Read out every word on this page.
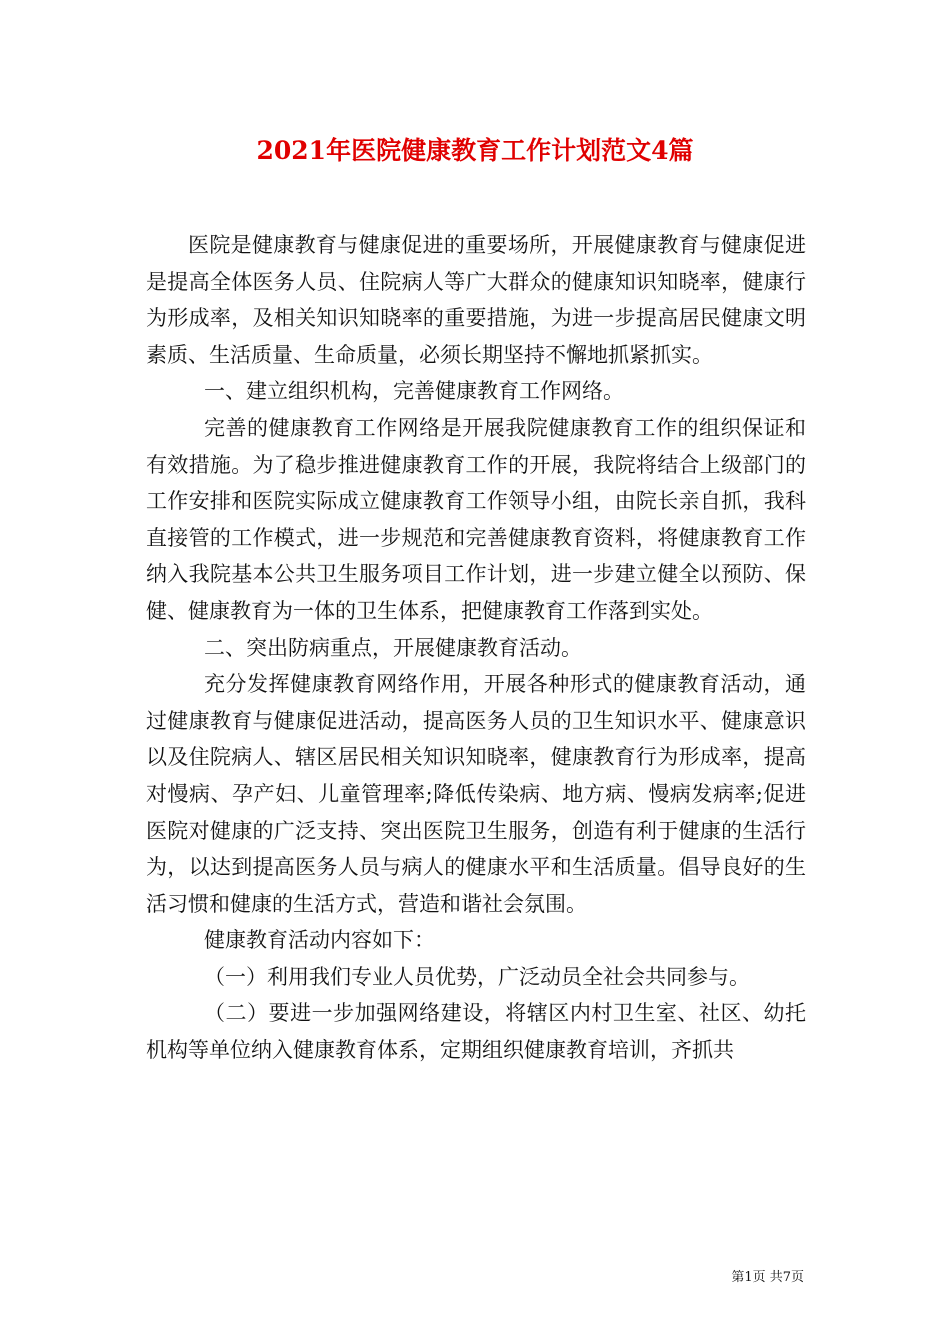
2021年医院健康教育工作计划范文4篇

医院是健康教育与健康促进的重要场所，开展健康教育与健康促进是提高全体医务人员、住院病人等广大群众的健康知识知晓率，健康行为形成率，及相关知识知晓率的重要措施，为进一步提高居民健康文明素质、生活质量、生命质量，必须长期坚持不懈地抓紧抓实。

一、建立组织机构，完善健康教育工作网络。

完善的健康教育工作网络是开展我院健康教育工作的组织保证和有效措施。为了稳步推进健康教育工作的开展，我院将结合上级部门的工作安排和医院实际成立健康教育工作领导小组，由院长亲自抓，我科直接管的工作模式，进一步规范和完善健康教育资料，将健康教育工作纳入我院基本公共卫生服务项目工作计划，进一步建立健全以预防、保健、健康教育为一体的卫生体系，把健康教育工作落到实处。

二、突出防病重点，开展健康教育活动。

充分发挥健康教育网络作用，开展各种形式的健康教育活动，通过健康教育与健康促进活动，提高医务人员的卫生知识水平、健康意识以及住院病人、辖区居民相关知识知晓率，健康教育行为形成率，提高对慢病、孕产妇、儿童管理率;降低传染病、地方病、慢病发病率;促进医院对健康的广泛支持、突出医院卫生服务，创造有利于健康的生活行为，以达到提高医务人员与病人的健康水平和生活质量。倡导良好的生活习惯和健康的生活方式，营造和谐社会氛围。

健康教育活动内容如下：

（一）利用我们专业人员优势，广泛动员全社会共同参与。

（二）要进一步加强网络建设，将辖区内村卫生室、社区、幼托机构等单位纳入健康教育体系，定期组织健康教育培训，齐抓共

第1页 共7页
